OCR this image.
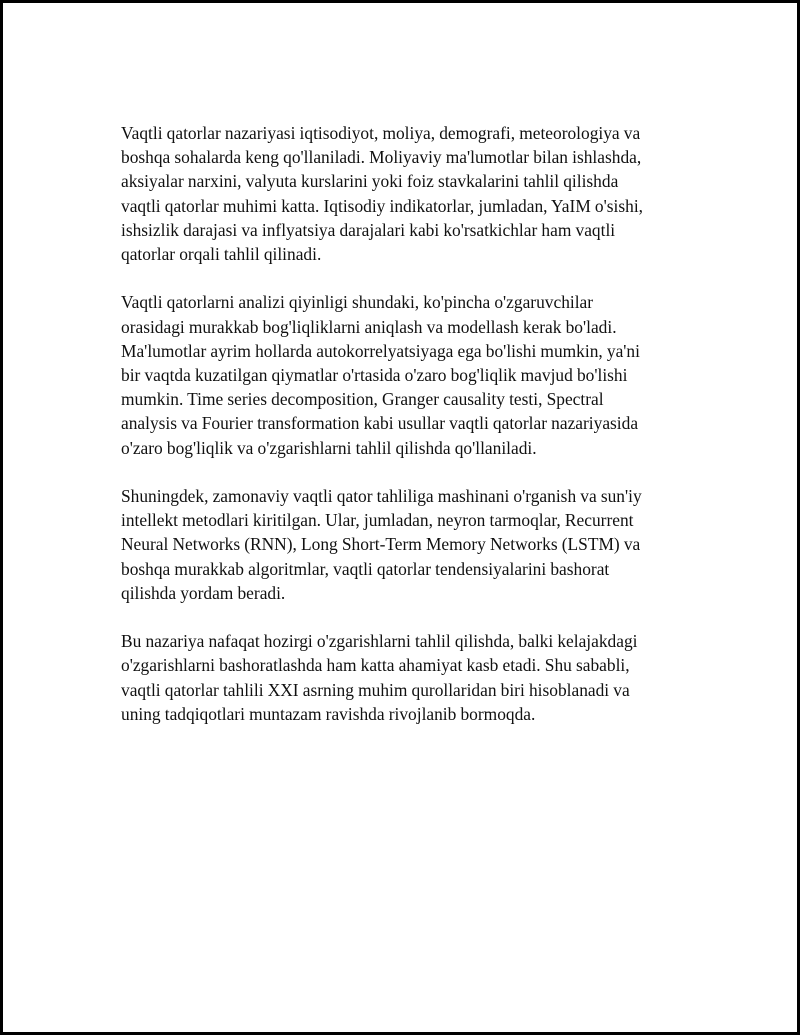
Vaqtli qatorlar nazariyasi iqtisodiyot, moliya, demografi, meteorologiya va
boshqa sohalarda keng qo'llaniladi. Moliyaviy ma'lumotlar bilan ishlashda,
aksiyalar narxini, valyuta kurslarini yoki foiz stavkalarini tahlil qilishda
vaqtli qatorlar muhimi katta. Iqtisodiy indikatorlar, jumladan, YaIM o'sishi,
ishsizlik darajasi va inflyatsiya darajalari kabi ko'rsatkichlar ham vaqtli
qatorlar orqali tahlil qilinadi.

Vaqtli qatorlarni analizi qiyinligi shundaki, ko'pincha o'zgaruvchilar
orasidagi murakkab bog'liqliklarni aniqlash va modellash kerak bo'ladi.
Ma'lumotlar ayrim hollarda autokorrelyatsiyaga ega bo'lishi mumkin, ya'ni
bir vaqtda kuzatilgan qiymatlar o'rtasida o'zaro bog'liqlik mavjud bo'lishi
mumkin. Time series decomposition, Granger causality testi, Spectral
analysis va Fourier transformation kabi usullar vaqtli qatorlar nazariyasida
o'zaro bog'liqlik va o'zgarishlarni tahlil qilishda qo'llaniladi.

Shuningdek, zamonaviy vaqtli qator tahliliga mashinani o'rganish va sun'iy
intellekt metodlari kiritilgan. Ular, jumladan, neyron tarmoqlar, Recurrent
Neural Networks (RNN), Long Short-Term Memory Networks (LSTM) va
boshqa murakkab algoritmlar, vaqtli qatorlar tendensiyalarini bashorat
qilishda yordam beradi.

Bu nazariya nafaqat hozirgi o'zgarishlarni tahlil qilishda, balki kelajakdagi
o'zgarishlarni bashoratlashda ham katta ahamiyat kasb etadi. Shu sababli,
vaqtli qatorlar tahlili XXI asrning muhim qurollaridan biri hisoblanadi va
uning tadqiqotlari muntazam ravishda rivojlanib bormoqda.
